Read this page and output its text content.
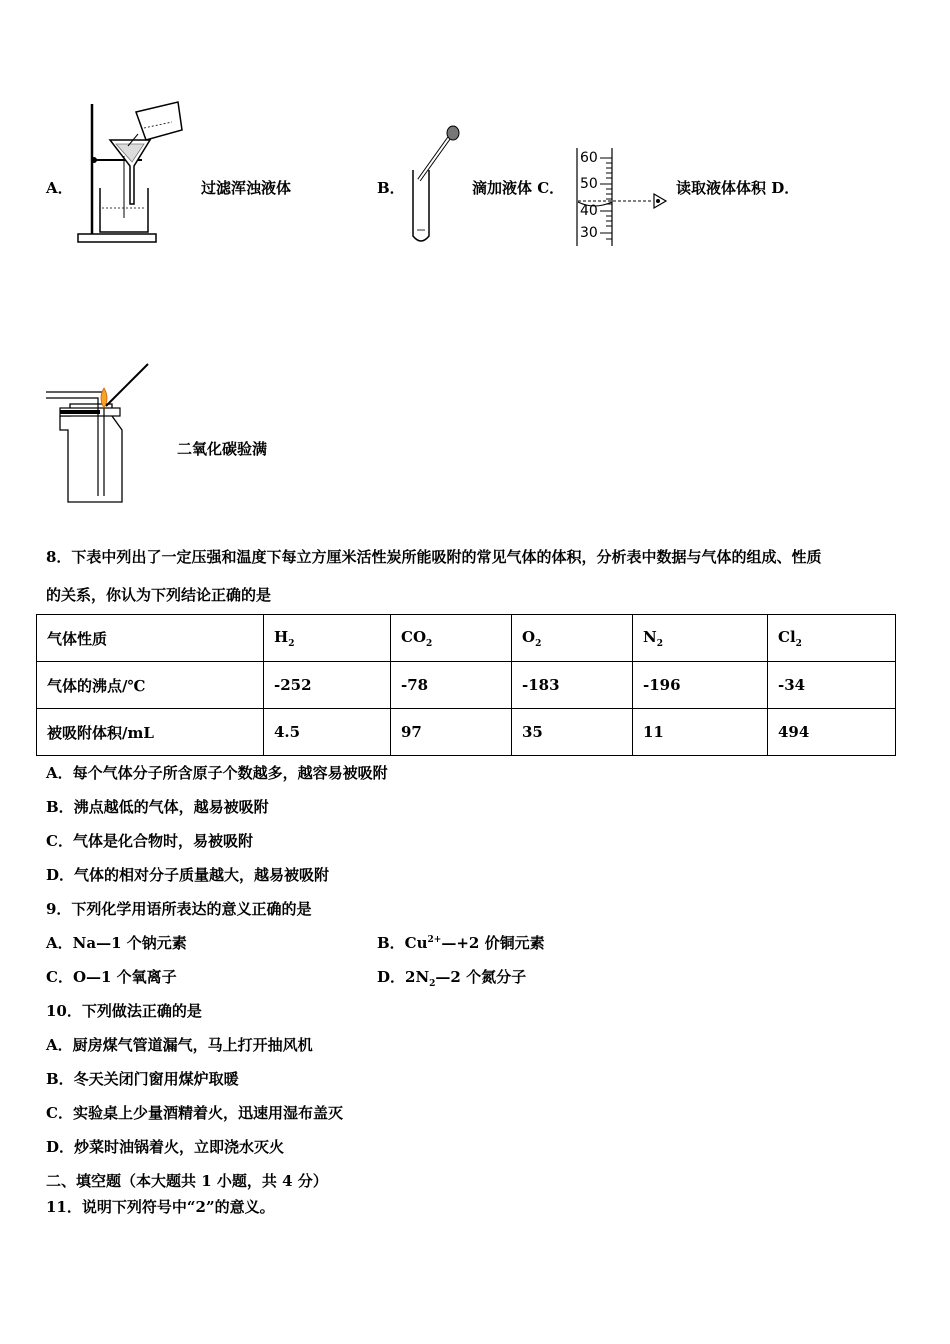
A．	过滤浑浊液体	B．	滴加液体 C．
60
50
40
30
读取液体体积 D．
二氧化碳验满
8．下表中列出了一定压强和温度下每立方厘米活性炭所能吸附的常见气体的体积，分析表中数据与气体的组成、性质
的关系，你认为下列结论正确的是
气体性质	$H_2$	$CO_2$	$O_2$	$N_2$	$Cl_2$
气体的沸点/℃	-252	-78	-183	-196	-34
被吸附体积/mL	4.5	97	35	11	494
A．每个气体分子所含原子个数越多，越容易被吸附
B．沸点越低的气体，越易被吸附
C．气体是化合物时，易被吸附
D．气体的相对分子质量越大，越易被吸附
9．下列化学用语所表达的意义正确的是
A．Na—1 个钠元素	B．$Cu^{2+}—+2$ 价铜元素
C．O—1 个氧离子	D．$2N_2—2$ 个氮分子
10．下列做法正确的是
A．厨房煤气管道漏气，马上打开抽风机
B．冬天关闭门窗用煤炉取暖
C．实验桌上少量酒精着火，迅速用湿布盖灭
D．炒菜时油锅着火，立即浇水灭火
二、填空题（本大题共 1 小题，共 4 分）
11．说明下列符号中“2”的意义。
